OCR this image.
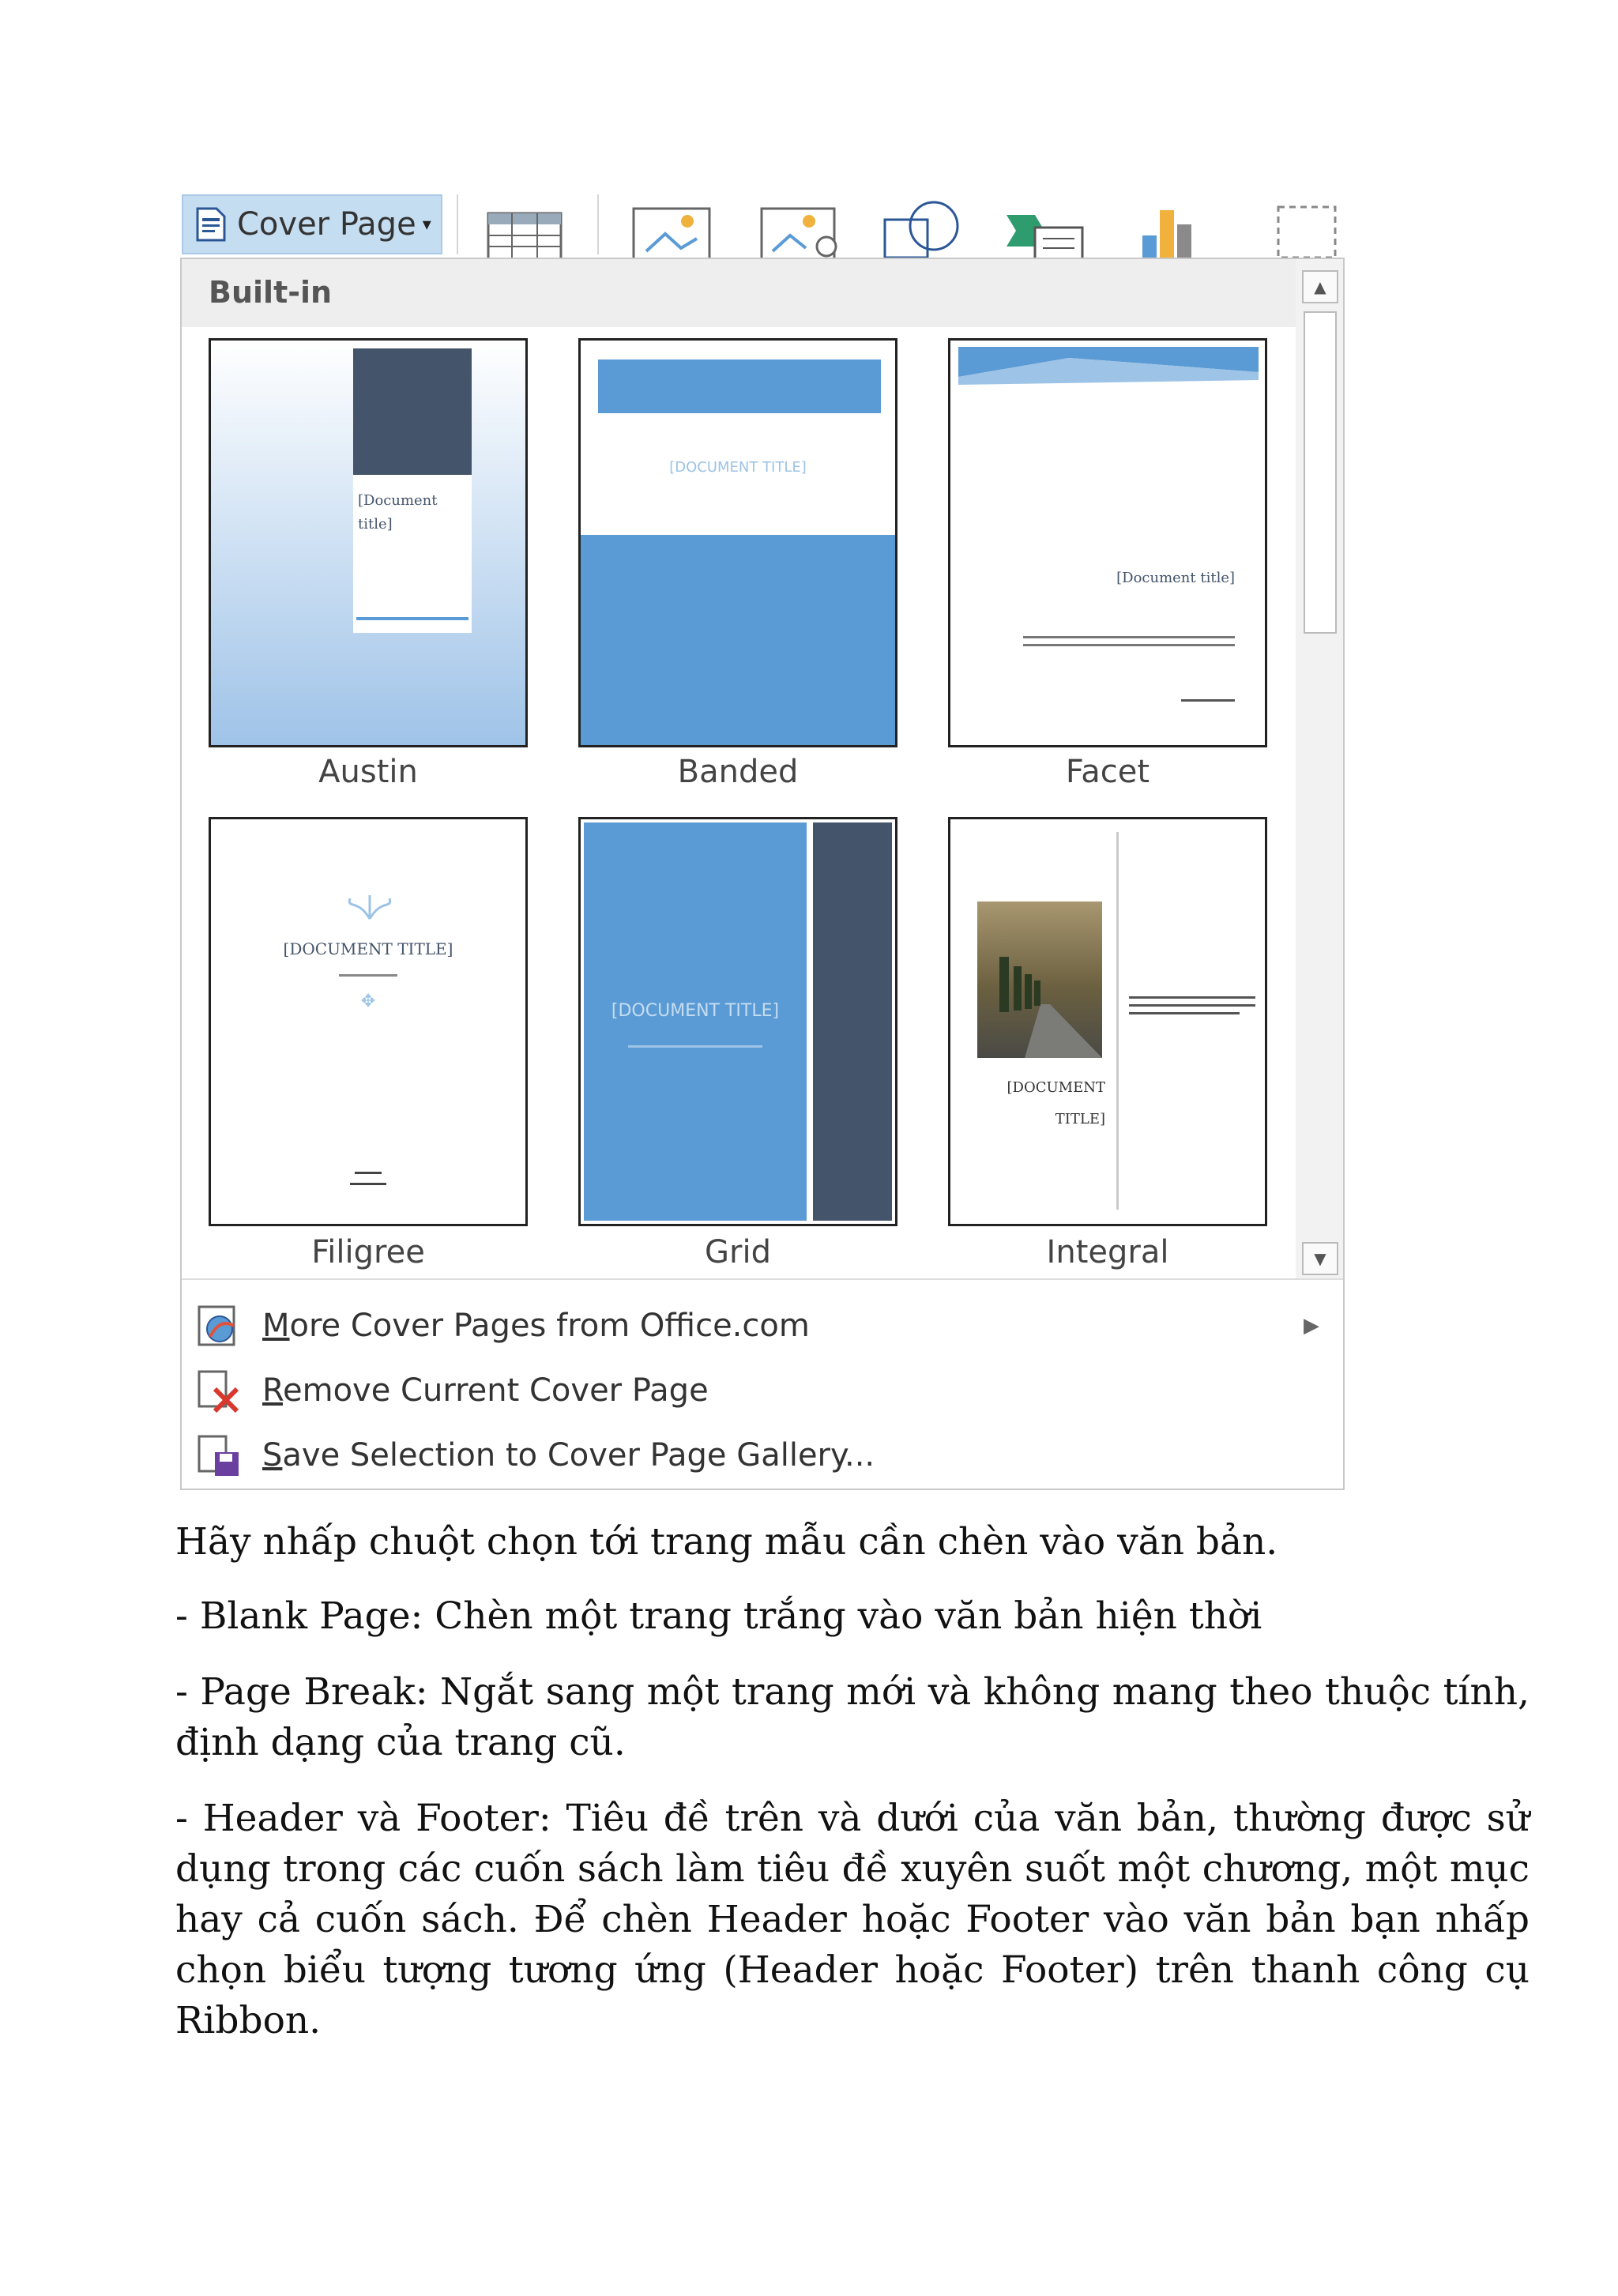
Cover Page ▾
Built-in
[Document
title]
Austin
[DOCUMENT TITLE]
Banded
[Document title]
Facet
[DOCUMENT TITLE]
✥
Filigree
[DOCUMENT TITLE]
Grid
[DOCUMENT
TITLE]
Integral
▲
▼
More Cover Pages from Office.com	▶
Remove Current Cover Page
Save Selection to Cover Page Gallery...
Hãy nhấp chuột chọn tới trang mẫu cần chèn vào văn bản.
- Blank Page: Chèn một trang trắng vào văn bản hiện thời
- Page Break: Ngắt sang một trang mới và không mang theo thuộc tính, định dạng của trang cũ.
- Header và Footer: Tiêu đề trên và dưới của văn bản, thường được sử dụng trong các cuốn sách làm tiêu đề xuyên suốt một chương, một mục hay cả cuốn sách. Để chèn Header hoặc Footer vào văn bản bạn nhấp chọn biểu tượng tương ứng (Header hoặc Footer) trên thanh công cụ Ribbon.
